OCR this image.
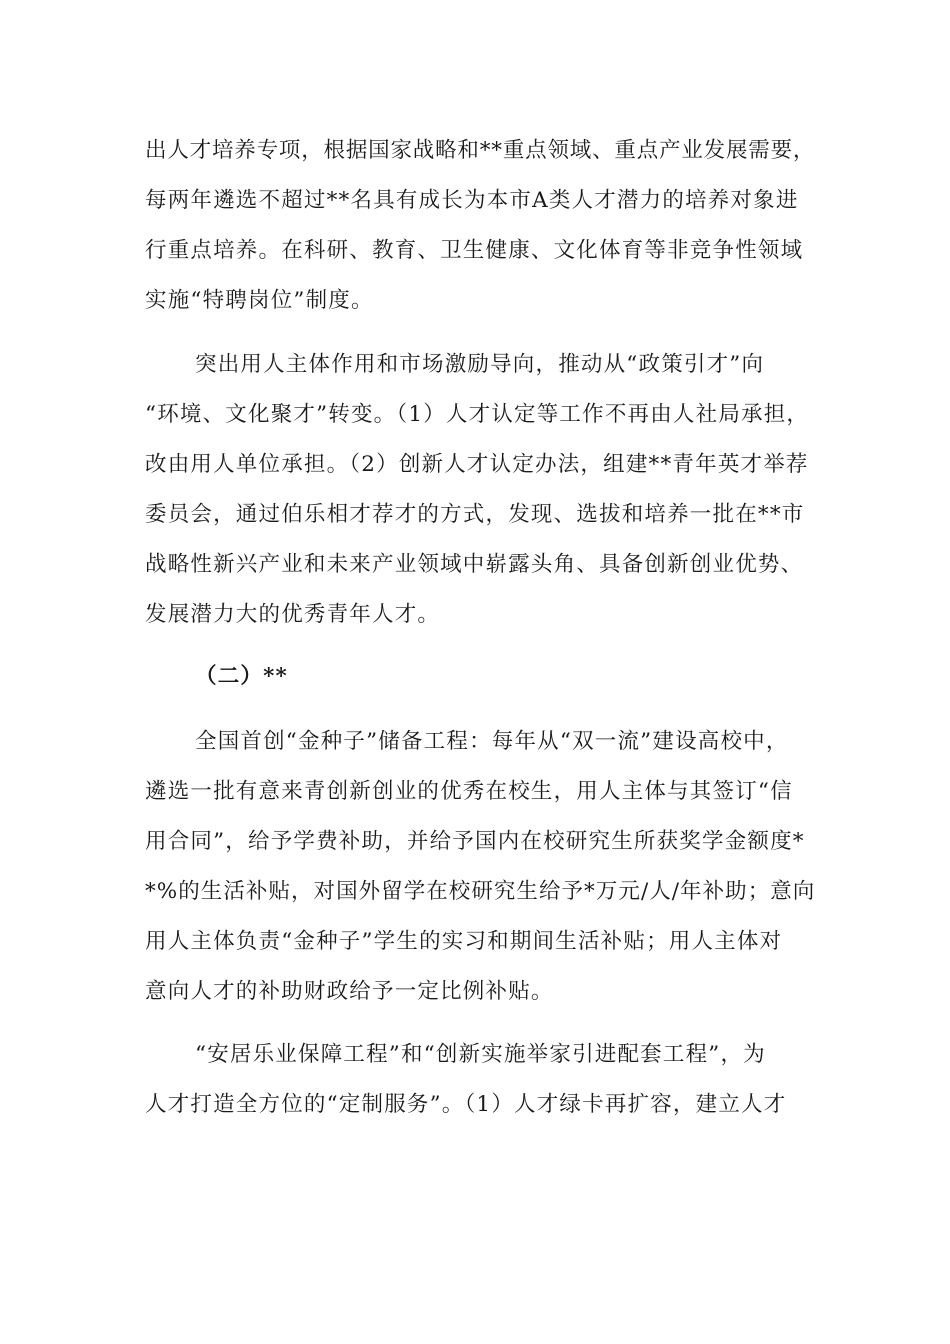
出人才培养专项，根据国家战略和**重点领域、重点产业发展需要，
每两年遴选不超过**名具有成长为本市A类人才潜力的培养对象进
行重点培养。在科研、教育、卫生健康、文化体育等非竞争性领域
实施“特聘岗位”制度。
突出用人主体作用和市场激励导向，推动从“政策引才”向
“环境、文化聚才”转变。（1）人才认定等工作不再由人社局承担，
改由用人单位承担。（2）创新人才认定办法，组建**青年英才举荐
委员会，通过伯乐相才荐才的方式，发现、选拔和培养一批在**市
战略性新兴产业和未来产业领域中崭露头角、具备创新创业优势、
发展潜力大的优秀青年人才。
（二）**
全国首创“金种子”储备工程：每年从“双一流”建设高校中，
遴选一批有意来青创新创业的优秀在校生，用人主体与其签订“信
用合同”，给予学费补助，并给予国内在校研究生所获奖学金额度*
*%的生活补贴，对国外留学在校研究生给予*万元/人/年补助；意向
用人主体负责“金种子”学生的实习和期间生活补贴；用人主体对
意向人才的补助财政给予一定比例补贴。
“安居乐业保障工程”和“创新实施举家引进配套工程”，为
人才打造全方位的“定制服务”。（1）人才绿卡再扩容，建立人才
